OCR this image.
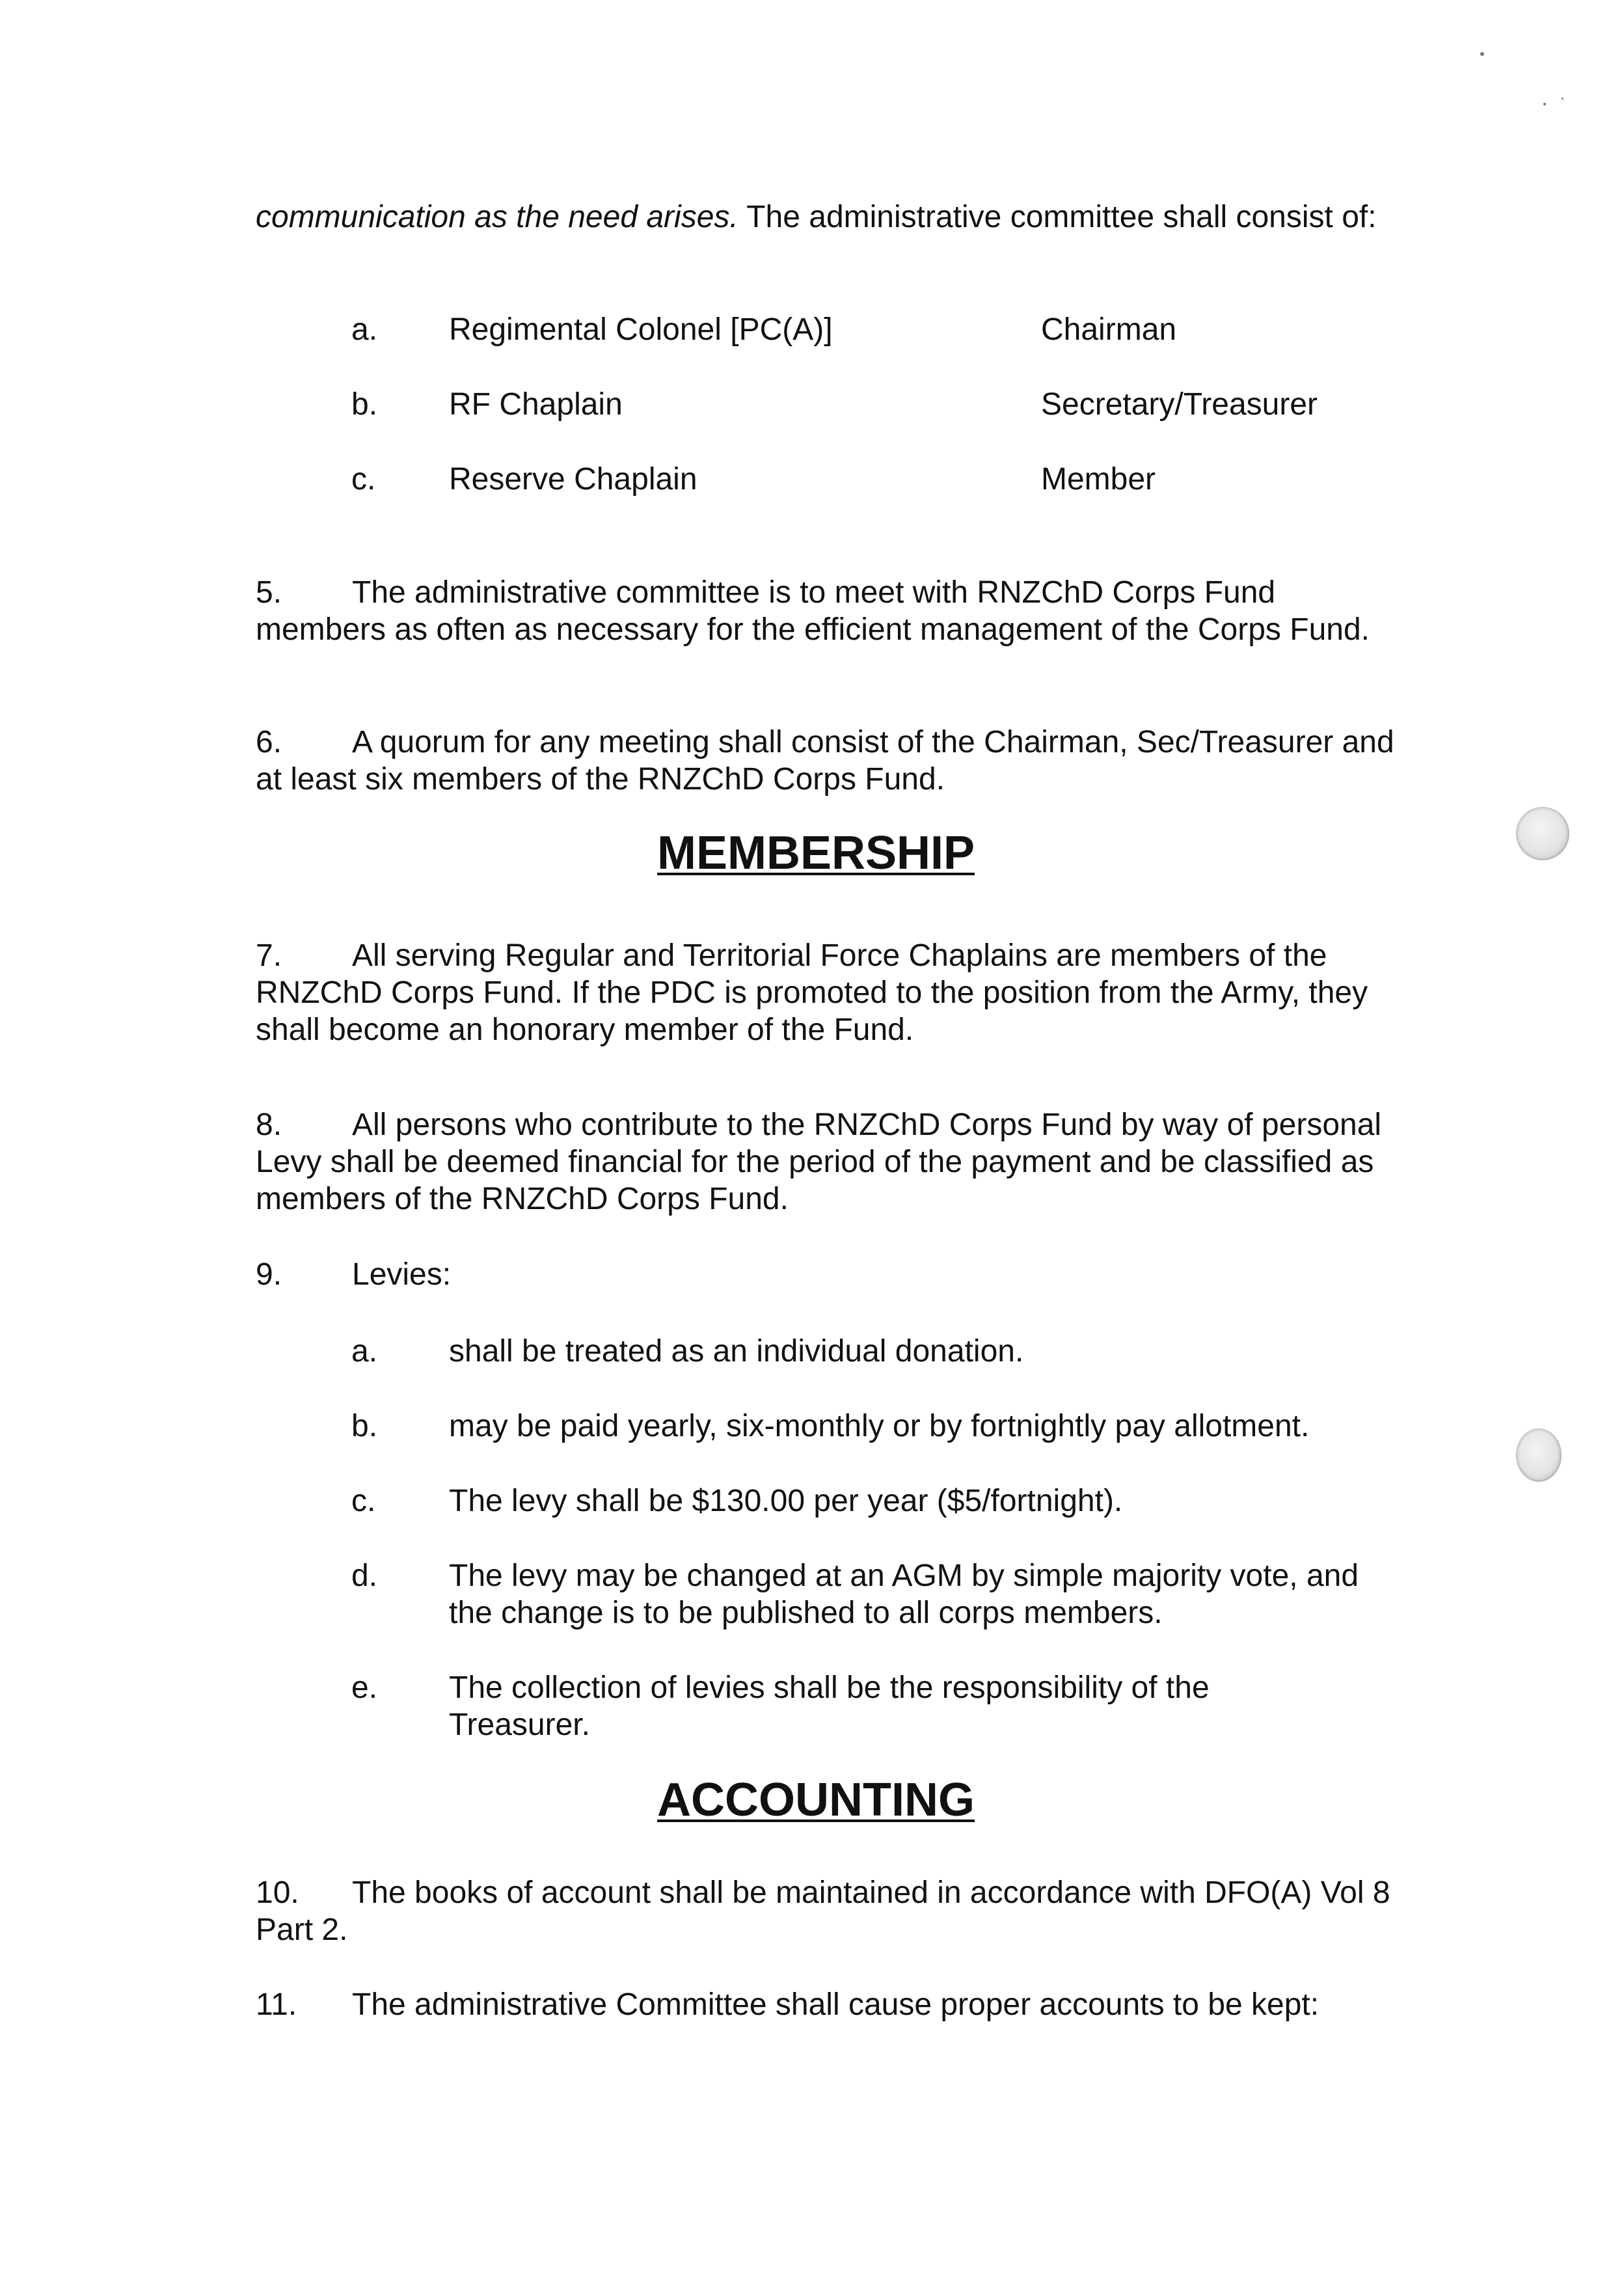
communication as the need arises. The administrative committee shall consist of:

a. Regimental Colonel [PC(A)]	Chairman
b. RF Chaplain	Secretary/Treasurer
c. Reserve Chaplain	Member

5. The administrative committee is to meet with RNZChD Corps Fund members as often as necessary for the efficient management of the Corps Fund.

6. A quorum for any meeting shall consist of the Chairman, Sec/Treasurer and at least six members of the RNZChD Corps Fund.

MEMBERSHIP

7. All serving Regular and Territorial Force Chaplains are members of the RNZChD Corps Fund. If the PDC is promoted to the position from the Army, they shall become an honorary member of the Fund.

8. All persons who contribute to the RNZChD Corps Fund by way of personal Levy shall be deemed financial for the period of the payment and be classified as members of the RNZChD Corps Fund.

9. Levies:

a. shall be treated as an individual donation.
b. may be paid yearly, six-monthly or by fortnightly pay allotment.
c. The levy shall be $130.00 per year ($5/fortnight).
d. The levy may be changed at an AGM by simple majority vote, and the change is to be published to all corps members.
e. The collection of levies shall be the responsibility of the Treasurer.
ACCOUNTING

10. The books of account shall be maintained in accordance with DFO(A) Vol 8 Part 2.

11. The administrative Committee shall cause proper accounts to be kept:
